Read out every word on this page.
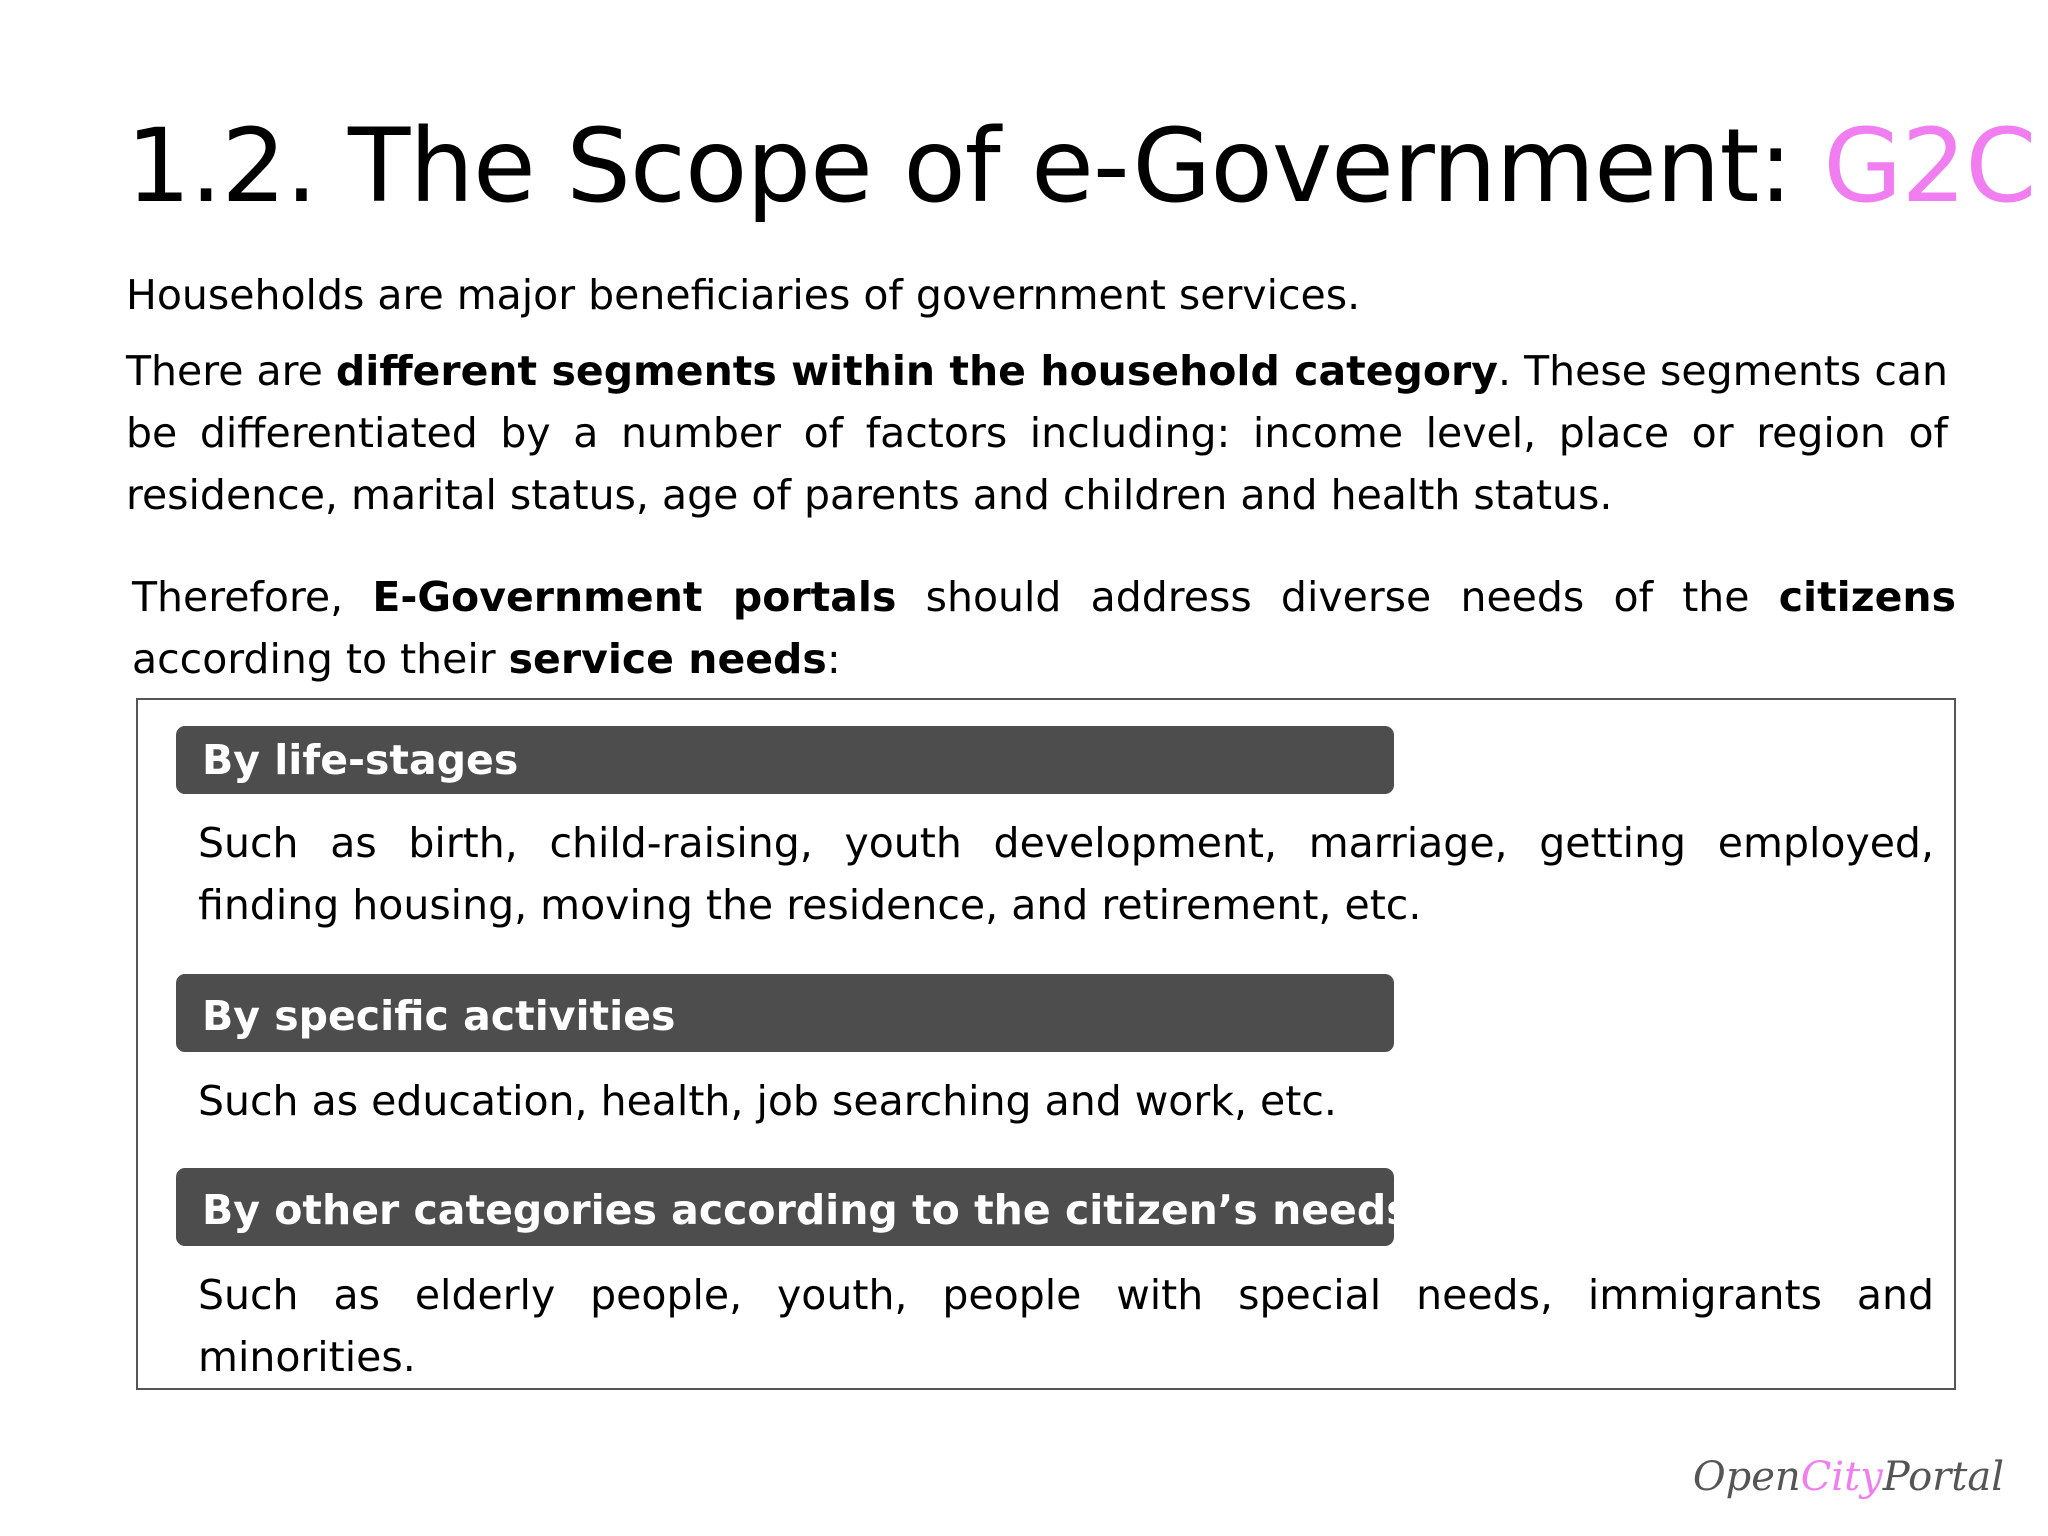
1.2. The Scope of e-Government: G2C

Households are major beneficiaries of government services.

There are different segments within the household category. These segments can be differentiated by a number of factors including: income level, place or region of residence, marital status, age of parents and children and health status.

Therefore, E-Government portals should address diverse needs of the citizens according to their service needs:

By life-stages

Such as birth, child-raising, youth development, marriage, getting employed, finding housing, moving the residence, and retirement, etc.

By specific activities

Such as education, health, job searching and work, etc.

By other categories according to the citizen’s needs

Such as elderly people, youth, people with special needs, immigrants and minorities.

OpenCityPortal
